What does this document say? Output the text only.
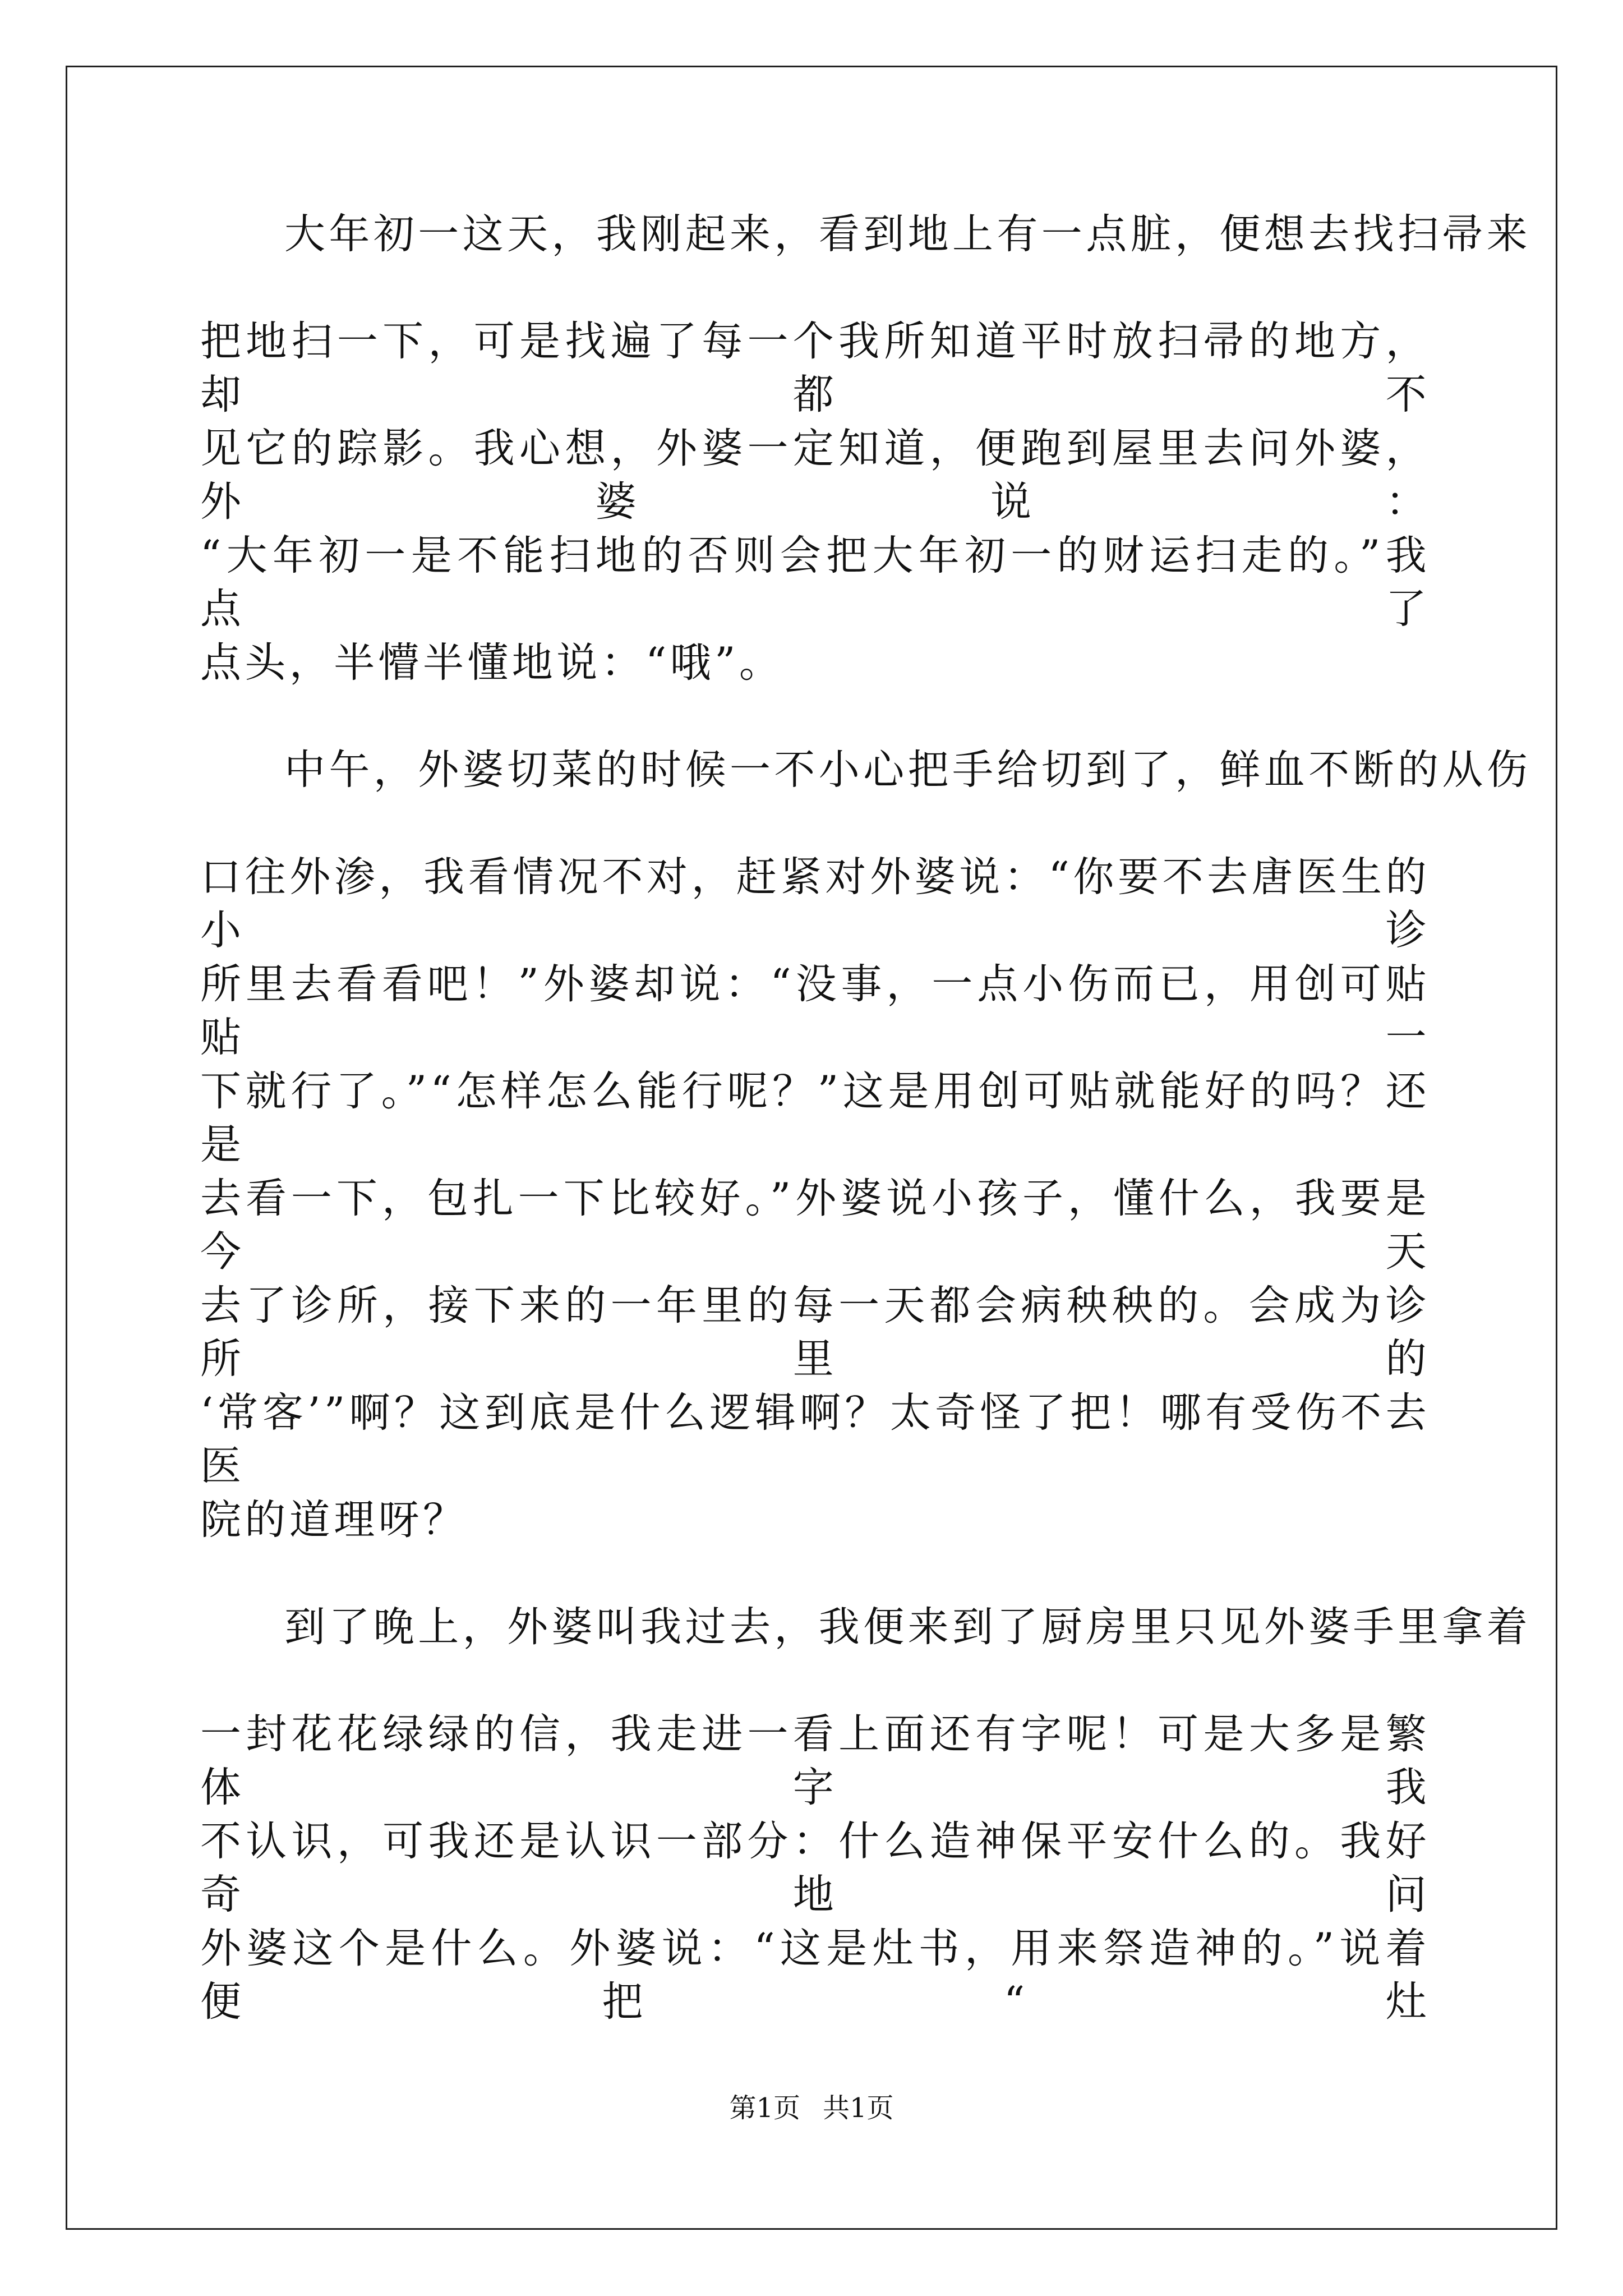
大年初一这天，我刚起来，看到地上有一点脏，便想去找扫帚来
把地扫一下，可是找遍了每一个我所知道平时放扫帚的地方，却都不
见它的踪影。我心想，外婆一定知道，便跑到屋里去问外婆，外婆说：
“大年初一是不能扫地的否则会把大年初一的财运扫走的。”我点了
点头，半懵半懂地说：“哦”。
中午，外婆切菜的时候一不小心把手给切到了，鲜血不断的从伤
口往外渗，我看情况不对，赶紧对外婆说：“你要不去唐医生的小诊
所里去看看吧！”外婆却说：“没事，一点小伤而已，用创可贴贴一
下就行了。”“怎样怎么能行呢？”这是用创可贴就能好的吗？还是
去看一下，包扎一下比较好。”外婆说小孩子，懂什么，我要是今天
去了诊所，接下来的一年里的每一天都会病秧秧的。会成为诊所里的
‘常客’”啊？这到底是什么逻辑啊？太奇怪了把！哪有受伤不去医
院的道理呀？
到了晚上，外婆叫我过去，我便来到了厨房里只见外婆手里拿着
一封花花绿绿的信，我走进一看上面还有字呢！可是大多是繁体字我
不认识，可我还是认识一部分：什么造神保平安什么的。我好奇地问
外婆这个是什么。外婆说：“这是灶书，用来祭造神的。”说着便把“灶
第1页 共1页
